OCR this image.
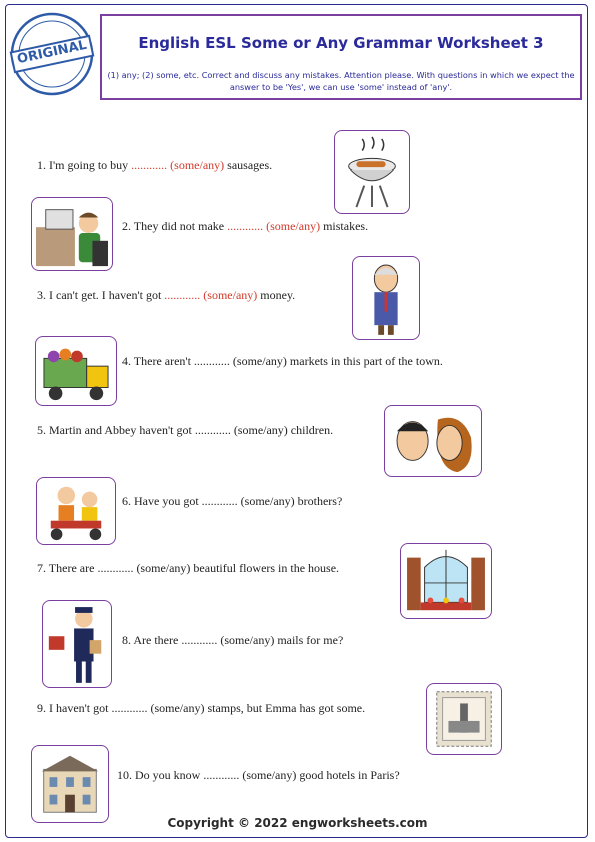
ORIGINAL	English ESL Some or Any Grammar Worksheet 3
(1) any; (2) some, etc. Correct and discuss any mistakes. Attention please. With questions in which we expect the answer to be 'Yes', we can use 'some' instead of 'any'.
1. I'm going to buy ............ (some/any) sausages.
2. They did not make ............ (some/any) mistakes.
3. I can't get. I haven't got ............ (some/any) money.
4. There aren't ............ (some/any) markets in this part of the town.
5. Martin and Abbey haven't got ............ (some/any) children.
6. Have you got ............ (some/any) brothers?
7. There are ............ (some/any) beautiful flowers in the house.
8. Are there ............ (some/any) mails for me?
9. I haven't got ............ (some/any) stamps, but Emma has got some.
10. Do you know ............ (some/any) good hotels in Paris?
Copyright © 2022 engworksheets.com
